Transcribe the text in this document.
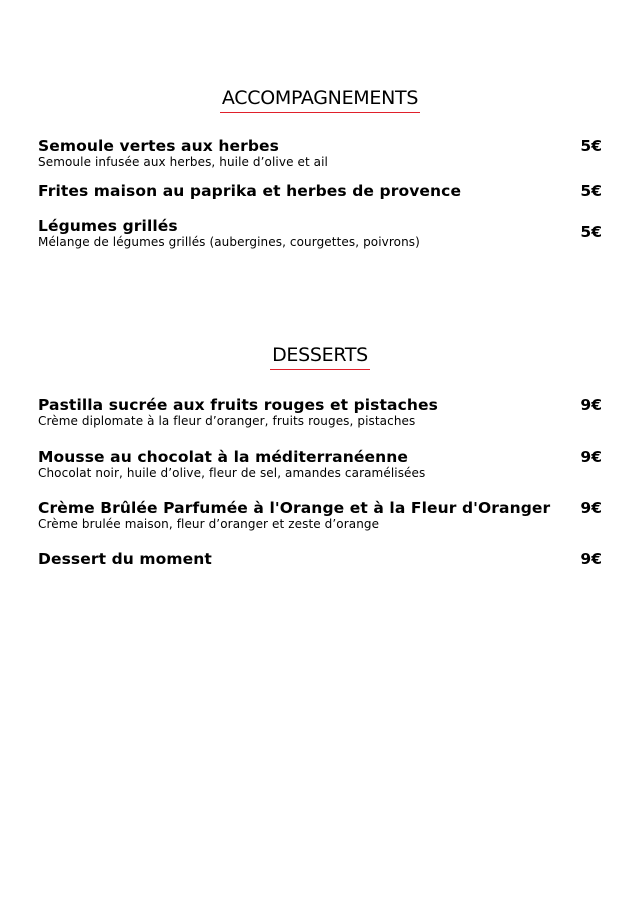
ACCOMPAGNEMENTS
Semoule vertes aux herbes
Semoule infusée aux herbes, huile d’olive et ail
5€
Frites maison au paprika et herbes de provence	5€
Légumes grillés
Mélange de légumes grillés (aubergines, courgettes, poivrons)
5€
DESSERTS
Pastilla sucrée aux fruits rouges et pistaches
Crème diplomate à la fleur d’oranger, fruits rouges, pistaches
9€
Mousse au chocolat à la méditerranéenne
Chocolat noir, huile d’olive, fleur de sel, amandes caramélisées
9€
Crème Brûlée Parfumée à l'Orange et à la Fleur d'Oranger
Crème brulée maison, fleur d’oranger et zeste d’orange
9€
Dessert du moment	9€
